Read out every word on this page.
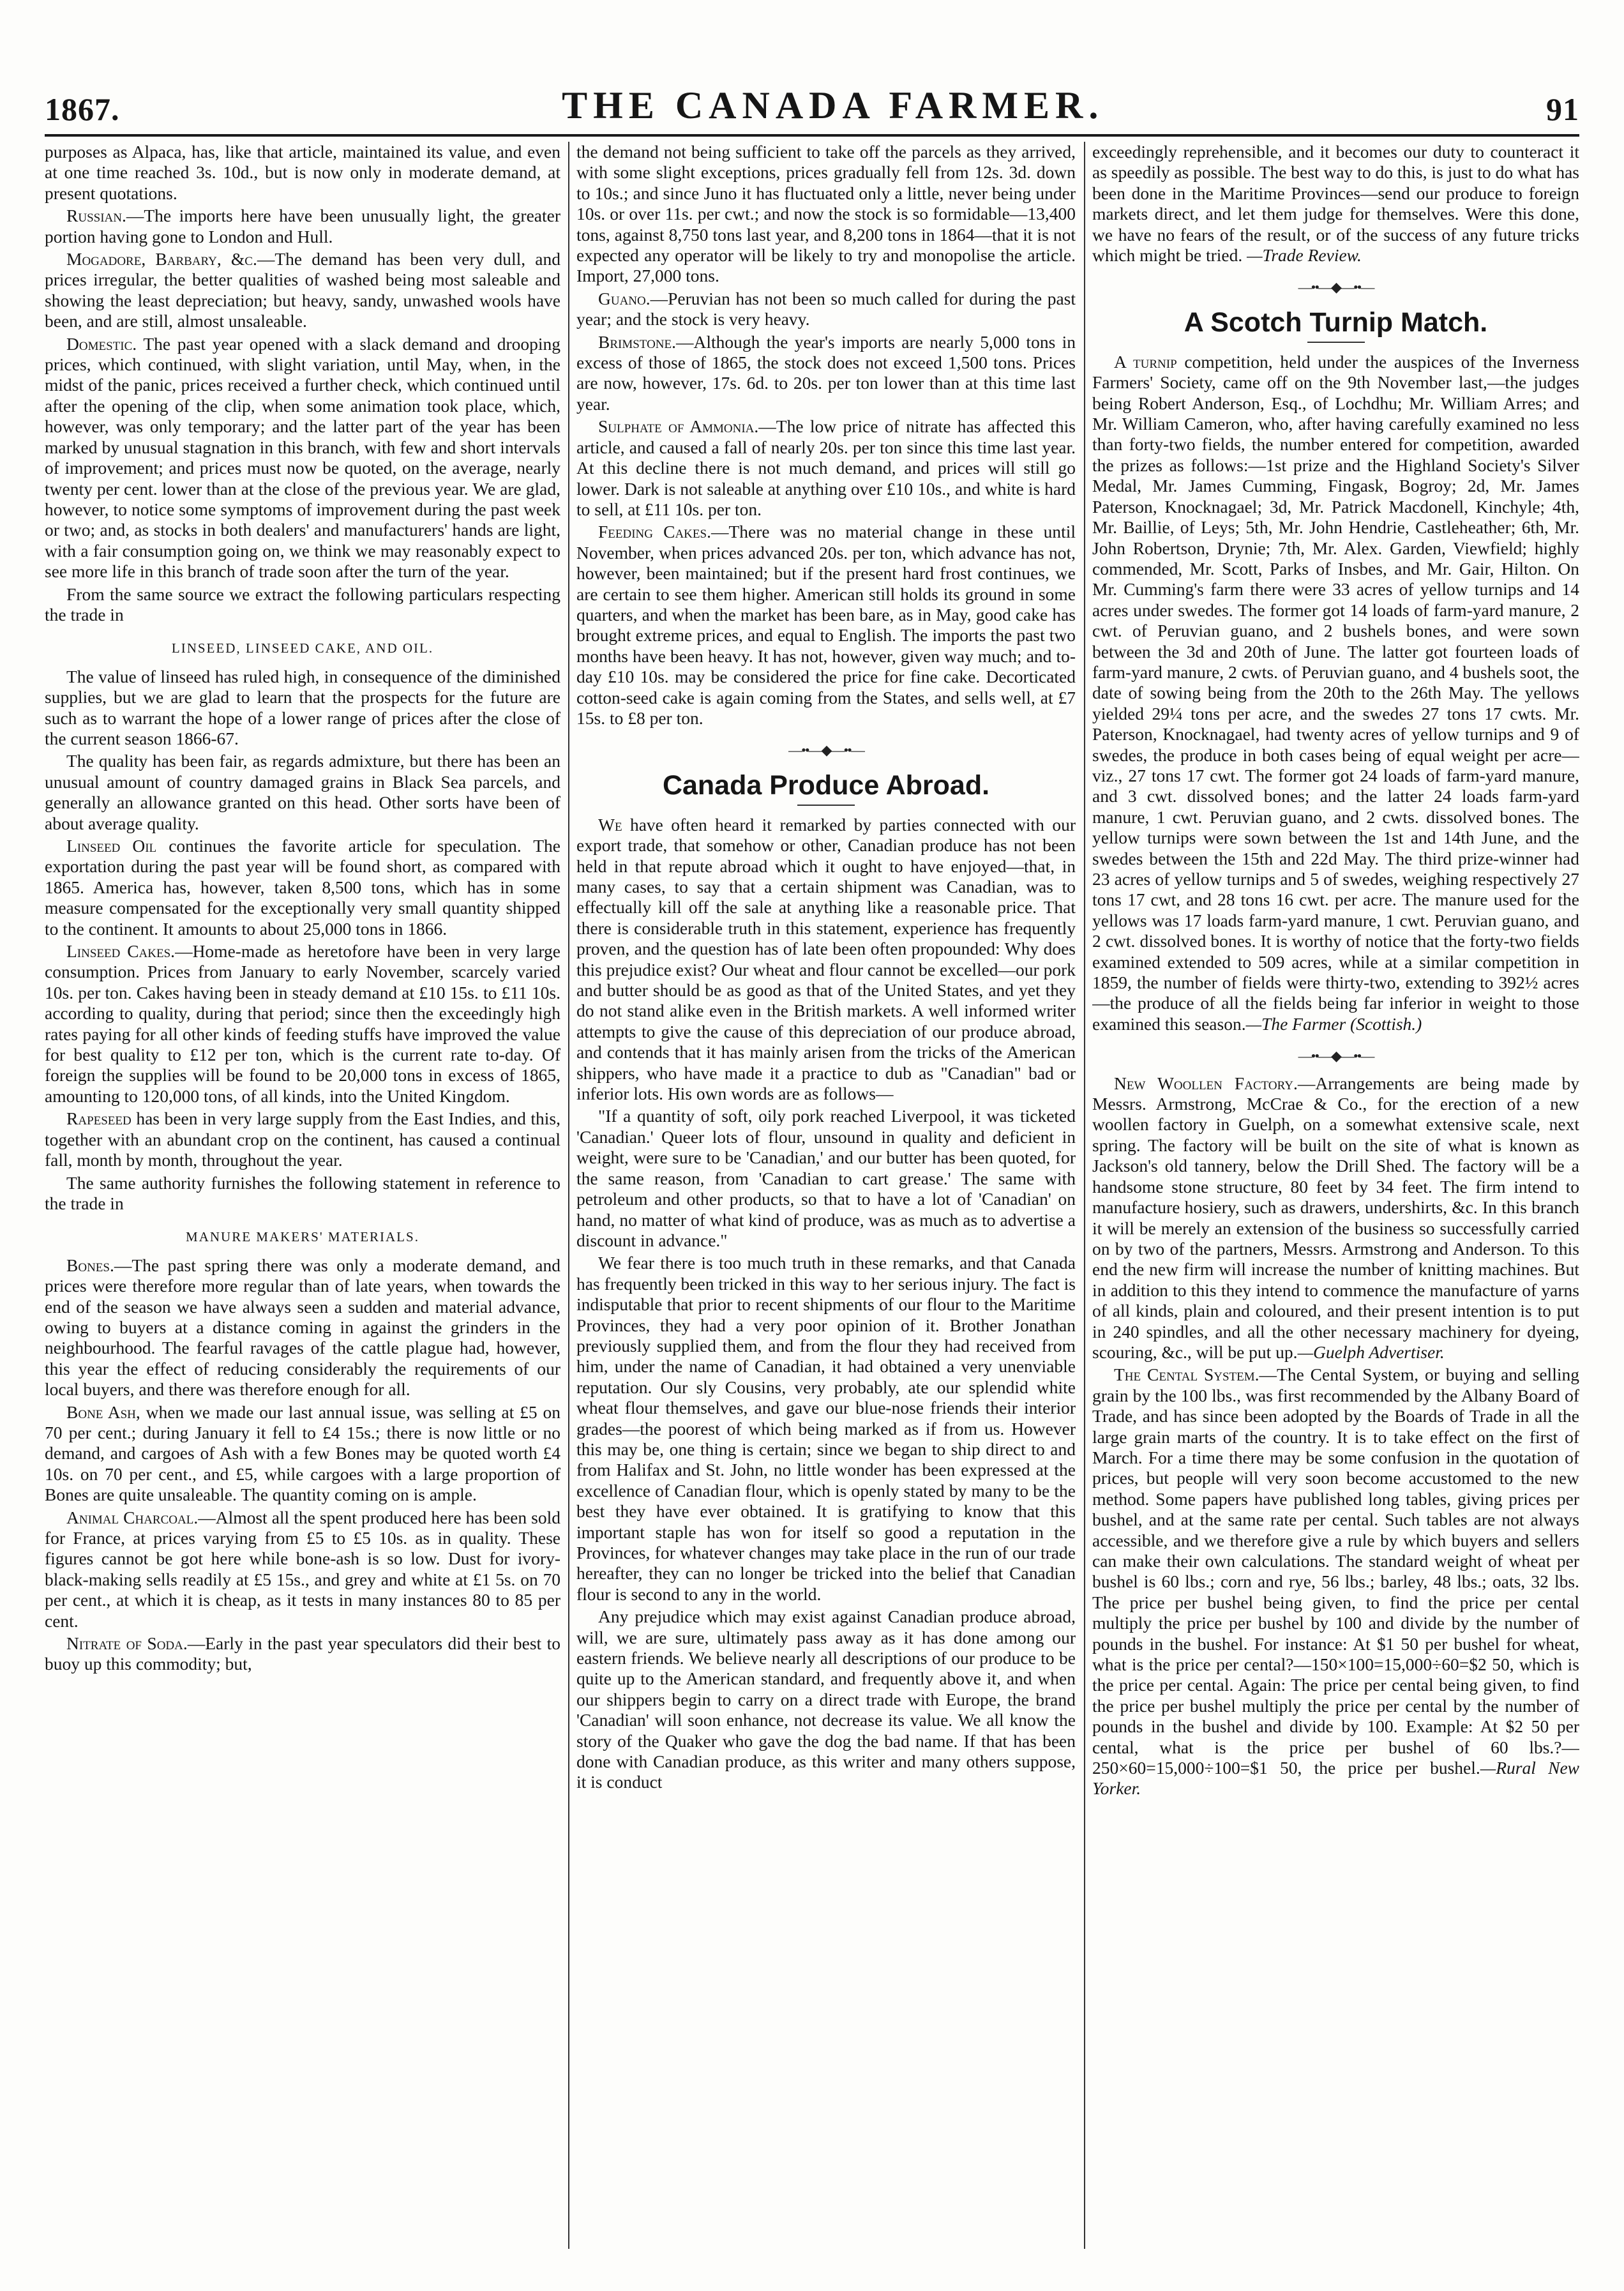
1867.	THE CANADA FARMER.	91

purposes as Alpaca, has, like that article, maintained its value, and even at one time reached 3s. 10d., but is now only in moderate demand, at present quotations.

Russian.—The imports here have been unusually light, the greater portion having gone to London and Hull.

Mogadore, Barbary, &c.—The demand has been very dull, and prices irregular, the better qualities of washed being most saleable and showing the least depreciation; but heavy, sandy, unwashed wools have been, and are still, almost unsaleable.

Domestic. The past year opened with a slack demand and drooping prices, which continued, with slight variation, until May, when, in the midst of the panic, prices received a further check, which continued until after the opening of the clip, when some animation took place, which, however, was only temporary; and the latter part of the year has been marked by unusual stagnation in this branch, with few and short intervals of improvement; and prices must now be quoted, on the average, nearly twenty per cent. lower than at the close of the previous year. We are glad, however, to notice some symptoms of improvement during the past week or two; and, as stocks in both dealers' and manufacturers' hands are light, with a fair consumption going on, we think we may reasonably expect to see more life in this branch of trade soon after the turn of the year.

From the same source we extract the following particulars respecting the trade in

LINSEED, LINSEED CAKE, AND OIL.

The value of linseed has ruled high, in consequence of the diminished supplies, but we are glad to learn that the prospects for the future are such as to warrant the hope of a lower range of prices after the close of the current season 1866-67.

The quality has been fair, as regards admixture, but there has been an unusual amount of country damaged grains in Black Sea parcels, and generally an allowance granted on this head. Other sorts have been of about average quality.

Linseed Oil continues the favorite article for speculation. The exportation during the past year will be found short, as compared with 1865. America has, however, taken 8,500 tons, which has in some measure compensated for the exceptionally very small quantity shipped to the continent. It amounts to about 25,000 tons in 1866.

Linseed Cakes.—Home-made as heretofore have been in very large consumption. Prices from January to early November, scarcely varied 10s. per ton. Cakes having been in steady demand at £10 15s. to £11 10s. according to quality, during that period; since then the exceedingly high rates paying for all other kinds of feeding stuffs have improved the value for best quality to £12 per ton, which is the current rate to-day. Of foreign the supplies will be found to be 20,000 tons in excess of 1865, amounting to 120,000 tons, of all kinds, into the United Kingdom.

Rapeseed has been in very large supply from the East Indies, and this, together with an abundant crop on the continent, has caused a continual fall, month by month, throughout the year.

The same authority furnishes the following statement in reference to the trade in

MANURE MAKERS' MATERIALS.

Bones.—The past spring there was only a moderate demand, and prices were therefore more regular than of late years, when towards the end of the season we have always seen a sudden and material advance, owing to buyers at a distance coming in against the grinders in the neighbourhood. The fearful ravages of the cattle plague had, however, this year the effect of reducing considerably the requirements of our local buyers, and there was therefore enough for all.

Bone Ash, when we made our last annual issue, was selling at £5 on 70 per cent.; during January it fell to £4 15s.; there is now little or no demand, and cargoes of Ash with a few Bones may be quoted worth £4 10s. on 70 per cent., and £5, while cargoes with a large proportion of Bones are quite unsaleable. The quantity coming on is ample.

Animal Charcoal.—Almost all the spent produced here has been sold for France, at prices varying from £5 to £5 10s. as in quality. These figures cannot be got here while bone-ash is so low. Dust for ivory-black-making sells readily at £5 15s., and grey and white at £1 5s. on 70 per cent., at which it is cheap, as it tests in many instances 80 to 85 per cent.

Nitrate of Soda.—Early in the past year speculators did their best to buoy up this commodity; but,

the demand not being sufficient to take off the parcels as they arrived, with some slight exceptions, prices gradually fell from 12s. 3d. down to 10s.; and since Juno it has fluctuated only a little, never being under 10s. or over 11s. per cwt.; and now the stock is so formidable—13,400 tons, against 8,750 tons last year, and 8,200 tons in 1864—that it is not expected any operator will be likely to try and monopolise the article. Import, 27,000 tons.

Guano.—Peruvian has not been so much called for during the past year; and the stock is very heavy.

Brimstone.—Although the year's imports are nearly 5,000 tons in excess of those of 1865, the stock does not exceed 1,500 tons. Prices are now, however, 17s. 6d. to 20s. per ton lower than at this time last year.

Sulphate of Ammonia.—The low price of nitrate has affected this article, and caused a fall of nearly 20s. per ton since this time last year. At this decline there is not much demand, and prices will still go lower. Dark is not saleable at anything over £10 10s., and white is hard to sell, at £11 10s. per ton.

Feeding Cakes.—There was no material change in these until November, when prices advanced 20s. per ton, which advance has not, however, been maintained; but if the present hard frost continues, we are certain to see them higher. American still holds its ground in some quarters, and when the market has been bare, as in May, good cake has brought extreme prices, and equal to English. The imports the past two months have been heavy. It has not, however, given way much; and to-day £10 10s. may be considered the price for fine cake. Decorticated cotton-seed cake is again coming from the States, and sells well, at £7 15s. to £8 per ton.

—••—◆—••—
Canada Produce Abroad.

We have often heard it remarked by parties connected with our export trade, that somehow or other, Canadian produce has not been held in that repute abroad which it ought to have enjoyed—that, in many cases, to say that a certain shipment was Canadian, was to effectually kill off the sale at anything like a reasonable price. That there is considerable truth in this statement, experience has frequently proven, and the question has of late been often propounded: Why does this prejudice exist? Our wheat and flour cannot be excelled—our pork and butter should be as good as that of the United States, and yet they do not stand alike even in the British markets. A well informed writer attempts to give the cause of this depreciation of our produce abroad, and contends that it has mainly arisen from the tricks of the American shippers, who have made it a practice to dub as "Canadian" bad or inferior lots. His own words are as follows—

"If a quantity of soft, oily pork reached Liverpool, it was ticketed 'Canadian.' Queer lots of flour, unsound in quality and deficient in weight, were sure to be 'Canadian,' and our butter has been quoted, for the same reason, from 'Canadian to cart grease.' The same with petroleum and other products, so that to have a lot of 'Canadian' on hand, no matter of what kind of produce, was as much as to advertise a discount in advance."

We fear there is too much truth in these remarks, and that Canada has frequently been tricked in this way to her serious injury. The fact is indisputable that prior to recent shipments of our flour to the Maritime Provinces, they had a very poor opinion of it. Brother Jonathan previously supplied them, and from the flour they had received from him, under the name of Canadian, it had obtained a very unenviable reputation. Our sly Cousins, very probably, ate our splendid white wheat flour themselves, and gave our blue-nose friends their interior grades—the poorest of which being marked as if from us. However this may be, one thing is certain; since we began to ship direct to and from Halifax and St. John, no little wonder has been expressed at the excellence of Canadian flour, which is openly stated by many to be the best they have ever obtained. It is gratifying to know that this important staple has won for itself so good a reputation in the Provinces, for whatever changes may take place in the run of our trade hereafter, they can no longer be tricked into the belief that Canadian flour is second to any in the world.

Any prejudice which may exist against Canadian produce abroad, will, we are sure, ultimately pass away as it has done among our eastern friends. We believe nearly all descriptions of our produce to be quite up to the American standard, and frequently above it, and when our shippers begin to carry on a direct trade with Europe, the brand 'Canadian' will soon enhance, not decrease its value. We all know the story of the Quaker who gave the dog the bad name. If that has been done with Canadian produce, as this writer and many others suppose, it is conduct

exceedingly reprehensible, and it becomes our duty to counteract it as speedily as possible. The best way to do this, is just to do what has been done in the Maritime Provinces—send our produce to foreign markets direct, and let them judge for themselves. Were this done, we have no fears of the result, or of the success of any future tricks which might be tried. —Trade Review.

—••—◆—••—
A Scotch Turnip Match.

A turnip competition, held under the auspices of the Inverness Farmers' Society, came off on the 9th November last,—the judges being Robert Anderson, Esq., of Lochdhu; Mr. William Arres; and Mr. William Cameron, who, after having carefully examined no less than forty-two fields, the number entered for competition, awarded the prizes as follows:—1st prize and the Highland Society's Silver Medal, Mr. James Cumming, Fingask, Bogroy; 2d, Mr. James Paterson, Knocknagael; 3d, Mr. Patrick Macdonell, Kinchyle; 4th, Mr. Baillie, of Leys; 5th, Mr. John Hendrie, Castleheather; 6th, Mr. John Robertson, Drynie; 7th, Mr. Alex. Garden, Viewfield; highly commended, Mr. Scott, Parks of Insbes, and Mr. Gair, Hilton. On Mr. Cumming's farm there were 33 acres of yellow turnips and 14 acres under swedes. The former got 14 loads of farm-yard manure, 2 cwt. of Peruvian guano, and 2 bushels bones, and were sown between the 3d and 20th of June. The latter got fourteen loads of farm-yard manure, 2 cwts. of Peruvian guano, and 4 bushels soot, the date of sowing being from the 20th to the 26th May. The yellows yielded 29¼ tons per acre, and the swedes 27 tons 17 cwts. Mr. Paterson, Knocknagael, had twenty acres of yellow turnips and 9 of swedes, the produce in both cases being of equal weight per acre—viz., 27 tons 17 cwt. The former got 24 loads of farm-yard manure, and 3 cwt. dissolved bones; and the latter 24 loads farm-yard manure, 1 cwt. Peruvian guano, and 2 cwts. dissolved bones. The yellow turnips were sown between the 1st and 14th June, and the swedes between the 15th and 22d May. The third prize-winner had 23 acres of yellow turnips and 5 of swedes, weighing respectively 27 tons 17 cwt, and 28 tons 16 cwt. per acre. The manure used for the yellows was 17 loads farm-yard manure, 1 cwt. Peruvian guano, and 2 cwt. dissolved bones. It is worthy of notice that the forty-two fields examined extended to 509 acres, while at a similar competition in 1859, the number of fields were thirty-two, extending to 392½ acres—the produce of all the fields being far inferior in weight to those examined this season.—The Farmer (Scottish.)

—••—◆—••—

New Woollen Factory.—Arrangements are being made by Messrs. Armstrong, McCrae & Co., for the erection of a new woollen factory in Guelph, on a somewhat extensive scale, next spring. The factory will be built on the site of what is known as Jackson's old tannery, below the Drill Shed. The factory will be a handsome stone structure, 80 feet by 34 feet. The firm intend to manufacture hosiery, such as drawers, undershirts, &c. In this branch it will be merely an extension of the business so successfully carried on by two of the partners, Messrs. Armstrong and Anderson. To this end the new firm will increase the number of knitting machines. But in addition to this they intend to commence the manufacture of yarns of all kinds, plain and coloured, and their present intention is to put in 240 spindles, and all the other necessary machinery for dyeing, scouring, &c., will be put up.—Guelph Advertiser.

The Cental System.—The Cental System, or buying and selling grain by the 100 lbs., was first recommended by the Albany Board of Trade, and has since been adopted by the Boards of Trade in all the large grain marts of the country. It is to take effect on the first of March. For a time there may be some confusion in the quotation of prices, but people will very soon become accustomed to the new method. Some papers have published long tables, giving prices per bushel, and at the same rate per cental. Such tables are not always accessible, and we therefore give a rule by which buyers and sellers can make their own calculations. The standard weight of wheat per bushel is 60 lbs.; corn and rye, 56 lbs.; barley, 48 lbs.; oats, 32 lbs. The price per bushel being given, to find the price per cental multiply the price per bushel by 100 and divide by the number of pounds in the bushel. For instance: At $1 50 per bushel for wheat, what is the price per cental?—150×100=15,000÷60=$2 50, which is the price per cental. Again: The price per cental being given, to find the price per bushel multiply the price per cental by the number of pounds in the bushel and divide by 100. Example: At $2 50 per cental, what is the price per bushel of 60 lbs.?—250×60=15,000÷100=$1 50, the price per bushel.—Rural New Yorker.
